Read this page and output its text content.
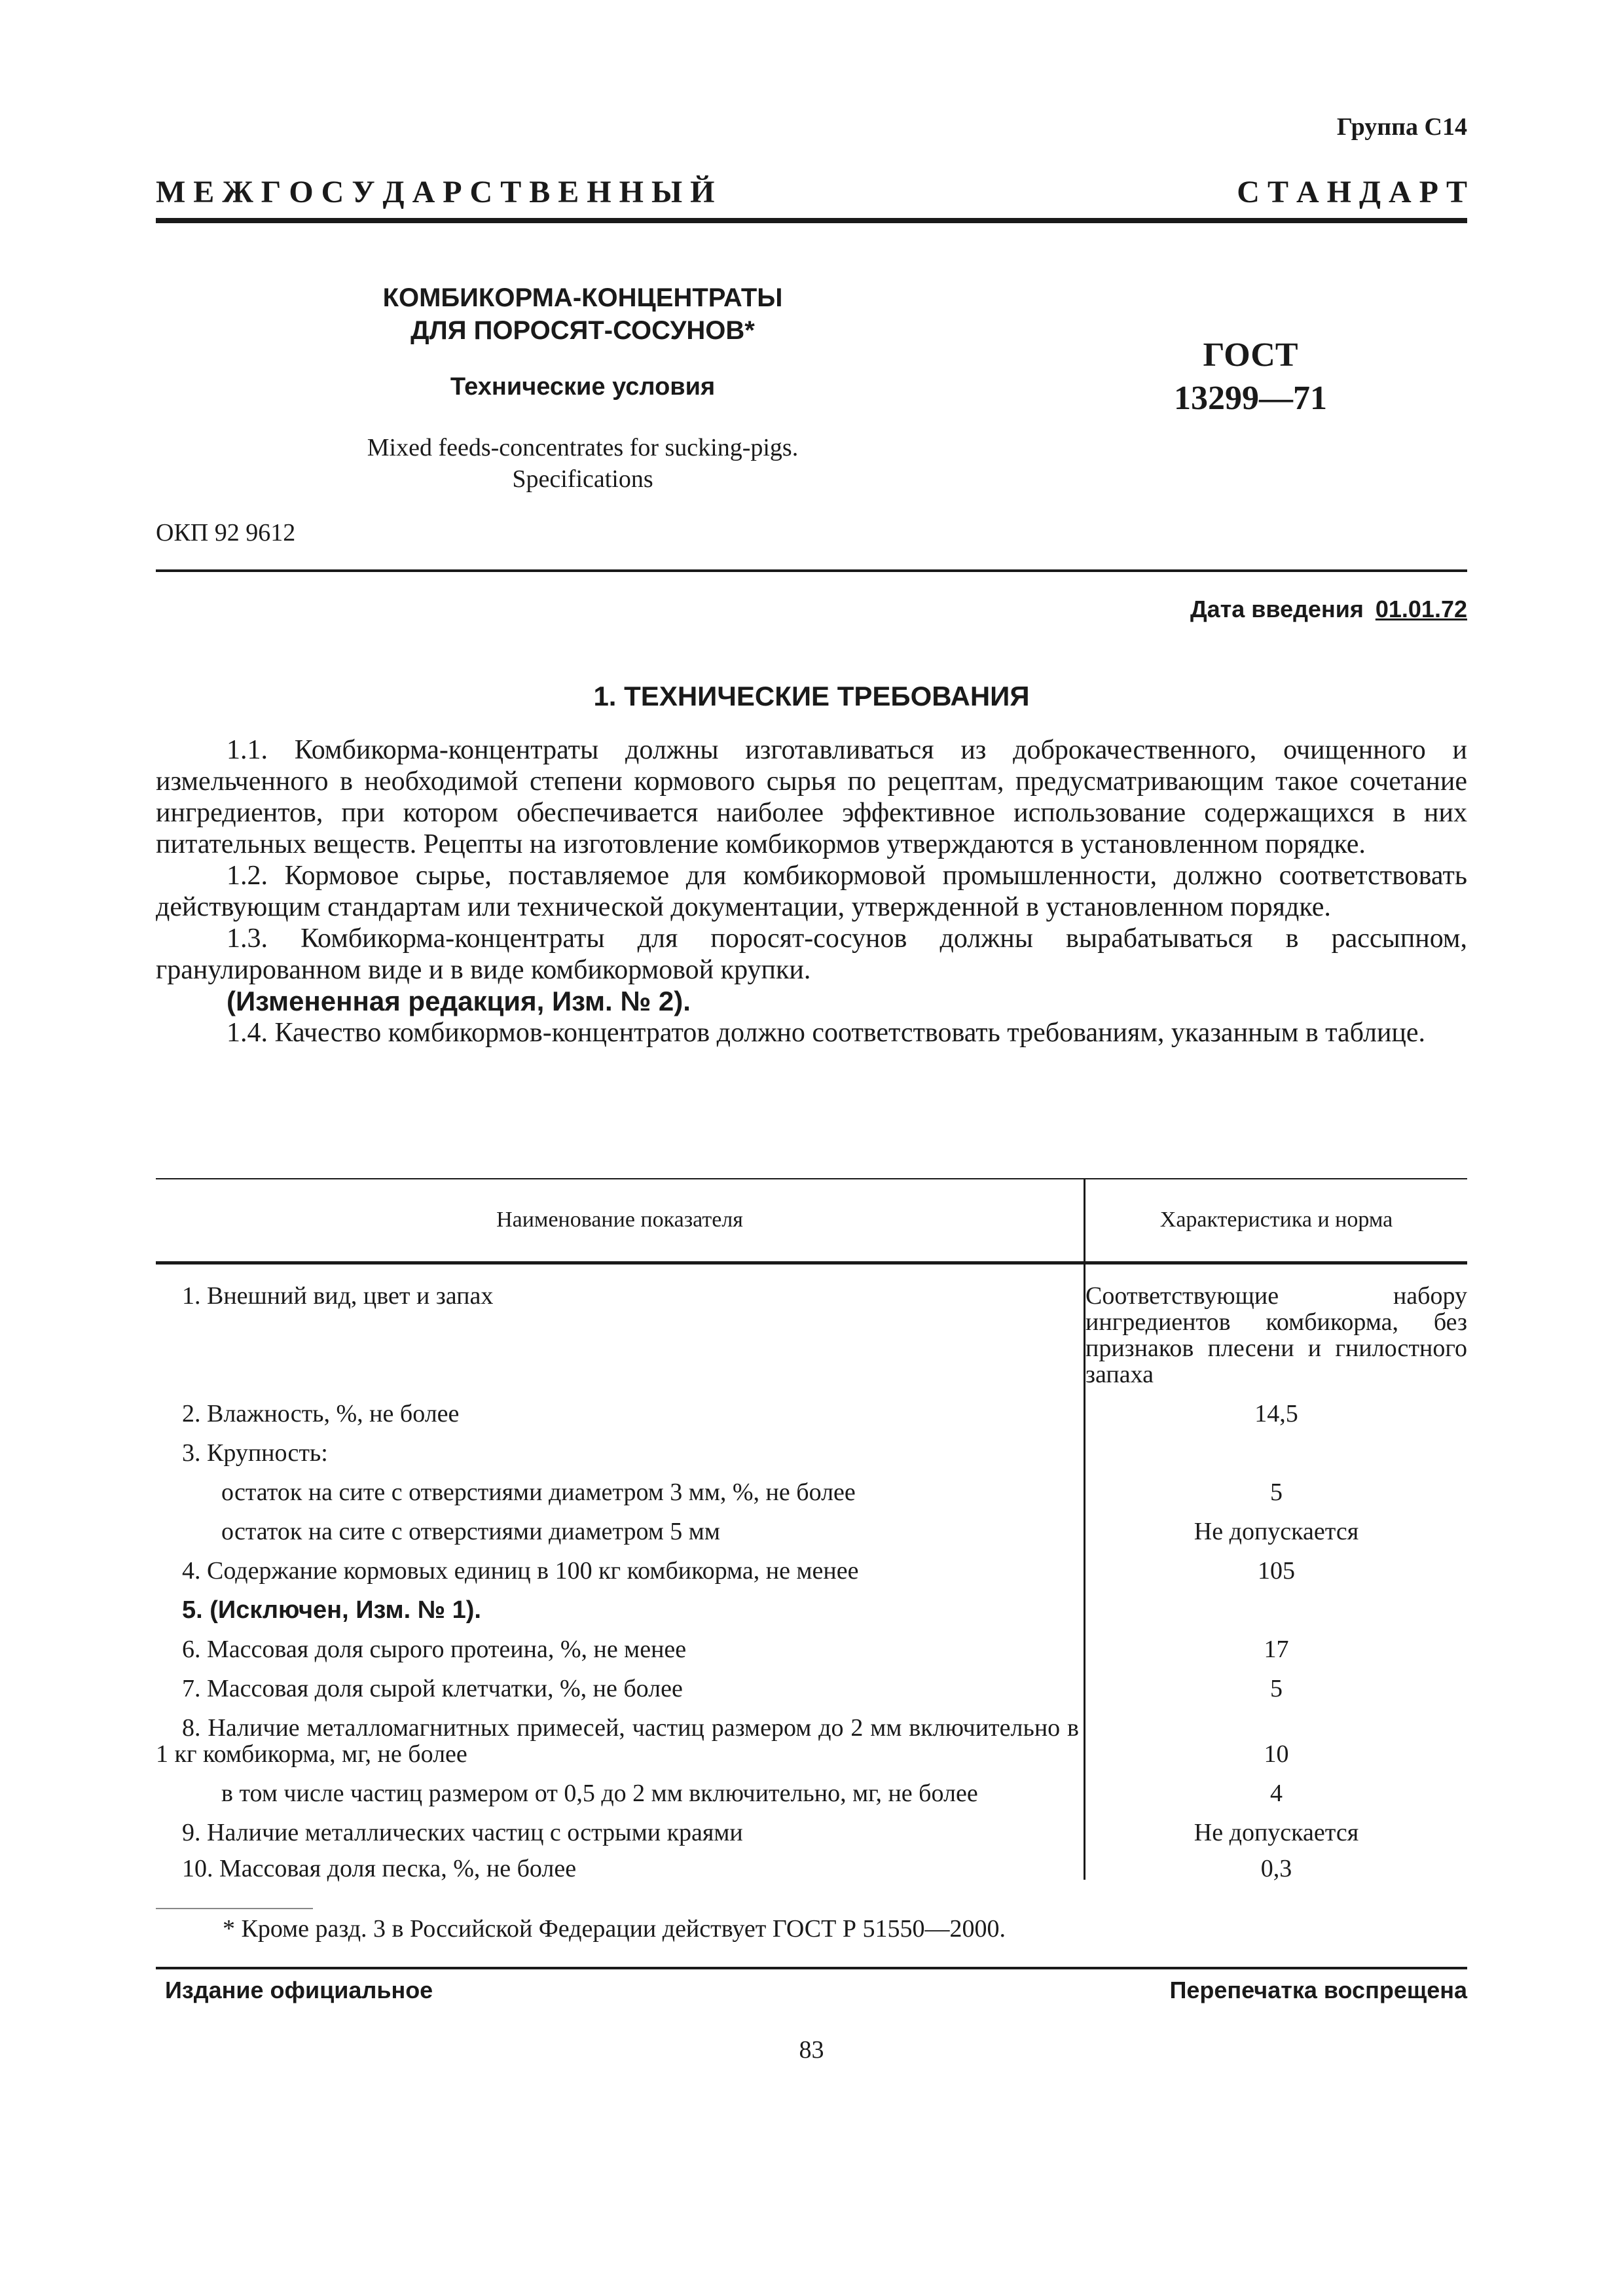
Группа С14
М Е Ж Г О С У Д А Р С Т В Е Н Н Ы Й	С Т А Н Д А Р Т
КОМБИКОРМА-КОНЦЕНТРАТЫ
ДЛЯ ПОРОСЯТ-СОСУНОВ*
Технические условия
Mixed feeds-concentrates for sucking-pigs.
Specifications
ГОСТ
13299—71
ОКП 92 9612
Дата введения 01.01.72
1. ТЕХНИЧЕСКИЕ ТРЕБОВАНИЯ

1.1. Комбикорма-концентраты должны изготавливаться из доброкачественного, очищенного и измельченного в необходимой степени кормового сырья по рецептам, предусматривающим такое сочетание ингредиентов, при котором обеспечивается наиболее эффективное использование содержащихся в них питательных веществ. Рецепты на изготовление комбикормов утверждаются в установленном порядке.

1.2. Кормовое сырье, поставляемое для комбикормовой промышленности, должно соответствовать действующим стандартам или технической документации, утвержденной в установленном порядке.

1.3. Комбикорма-концентраты для поросят-сосунов должны вырабатываться в рассыпном, гранулированном виде и в виде комбикормовой крупки.

(Измененная редакция, Изм. № 2).

1.4. Качество комбикормов-концентратов должно соответствовать требованиям, указанным в таблице.

Наименование показателя	Характеристика и норма
1. Внешний вид, цвет и запах	Соответствующие набору ингредиентов комбикорма, без признаков плесени и гнилостного запаха
2. Влажность, %, не более	14,5
3. Крупность:
остаток на сите с отверстиями диаметром 3 мм, %, не более	5
остаток на сите с отверстиями диаметром 5 мм	Не допускается
4. Содержание кормовых единиц в 100 кг комбикорма, не менее	105
5. (Исключен, Изм. № 1).
6. Массовая доля сырого протеина, %, не менее	17
7. Массовая доля сырой клетчатки, %, не более	5
8. Наличие металломагнитных примесей, частиц размером до 2 мм включительно в 1 кг комбикорма, мг, не более	10
в том числе частиц размером от 0,5 до 2 мм включительно, мг, не более	4
9. Наличие металлических частиц с острыми краями	Не допускается
10. Массовая доля песка, %, не более	0,3
* Кроме разд. 3 в Российской Федерации действует ГОСТ Р 51550—2000.
Издание официальное	Перепечатка воспрещена
83
